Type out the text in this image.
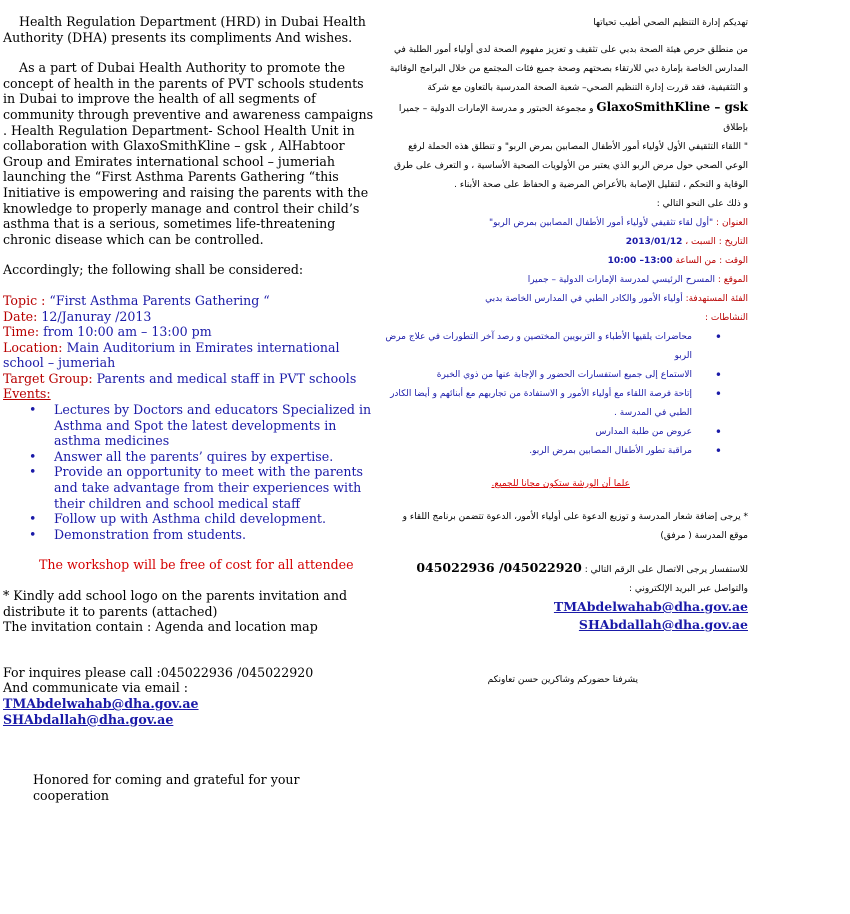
Health Regulation Department (HRD) in Dubai Health Authority (DHA) presents its compliments And wishes.

As a part of Dubai Health Authority to promote the concept of health in the parents of PVT schools students in Dubai to improve the health of all segments of community through preventive and awareness campaigns . Health Regulation Department- School Health Unit in collaboration with GlaxoSmithKline – gsk , AlHabtoor Group and Emirates international school – jumeriah launching the “First Asthma Parents Gathering “this Initiative is empowering and raising the parents with the knowledge to properly manage and control their child’s asthma that is a serious, sometimes life-threatening chronic disease which can be controlled.

Accordingly; the following shall be considered:

Topic : “First Asthma Parents Gathering “

Date: 12/Januray /2013

Time: from 10:00 am – 13:00 pm

Location: Main Auditorium in Emirates international school – jumeriah

Target Group: Parents and medical staff in PVT schools

Events:

• Lectures by Doctors and educators Specialized in Asthma and Spot the latest developments in asthma medicines
• Answer all the parents’ quires by expertise.
• Provide an opportunity to meet with the parents and take advantage from their experiences with their children and school medical staff
• Follow up with Asthma child development.
• Demonstration from students.

The workshop will be free of cost for all attendee

* Kindly add school logo on the parents invitation and distribute it to parents (attached)

The invitation contain : Agenda and location map

For inquires please call :045022936 /045022920

And communicate via email :

TMAbdelwahab@dha.gov.ae

SHAbdallah@dha.gov.ae

Honored for coming and grateful for your cooperation

تهديكم إدارة التنظيم الصحي أطيب تحياتها

من منطلق حرص هيئة الصحة بدبي على تثقيف و تعزيز مفهوم الصحة لدى أولياء أمور الطلبة في المدارس الخاصة بإمارة دبي للارتقاء بصحتهم وصحة جميع فئات المجتمع من خلال البرامج الوقائية و التثقيفية، فقد قررت إدارة التنظيم الصحي– شعبة الصحة المدرسية بالتعاون مع شركة

GlaxoSmithKline – gsk و مجموعة الحبتور و مدرسة الإمارات الدولية – جميرا بإطلاق

" اللقاء التثقيفي الأول لأولياء أمور الأطفال المصابين بمرض الربو" و تنطلق هذه الحملة لرفع الوعي الصحي حول مرض الربو الذي يعتبر من الأولويات الصحية الأساسية ، و التعرف على طرق الوقاية و التحكم ، لتقليل الإصابة بالأعراض المرضية و الحفاظ على صحة الأبناء .

و ذلك على النحو التالي :

العنوان : "أول لقاء تثقيفي لأولياء أمور الأطفال المصابين بمرض الربو"

التاريخ : السبت ، 2013/01/12

الوقت : من الساعة 10:00 –13:00

الموقع : المسرح الرئيسي لمدرسة الإمارات الدولية – جميرا

الفئة المستهدفة: أولياء الأمور والكادر الطبي في المدارس الخاصة بدبي

النشاطات :

• محاضرات يلقيها الأطباء و التربويين المختصين و رصد آخر التطورات في علاج مرض الربو
• الاستماع إلى جميع استفسارات الحضور و الإجابة عنها من ذوي الخبرة
• إتاحة فرصة اللقاء مع أولياء الأمور و الاستفادة من تجاربهم مع أبنائهم و أيضا الكادر الطبي في المدرسة .
• عروض من طلبة المدارس
• مراقبة تطور الأطفال المصابين بمرض الربو.

علما أن الورشة ستكون مجانا للجميع.

* يرجى إضافة شعار المدرسة و توزيع الدعوة على أولياء الأمور، الدعوة تتضمن برنامج اللقاء و موقع المدرسة ( مرفق)

للاستفسار يرجى الاتصال على الرقم التالي : 045022936 /045022920

والتواصل عبر البريد الإلكتروني :

TMAbdelwahab@dha.gov.ae

SHAbdallah@dha.gov.ae

يشرفنا حضوركم وشاكرين حسن تعاونكم
